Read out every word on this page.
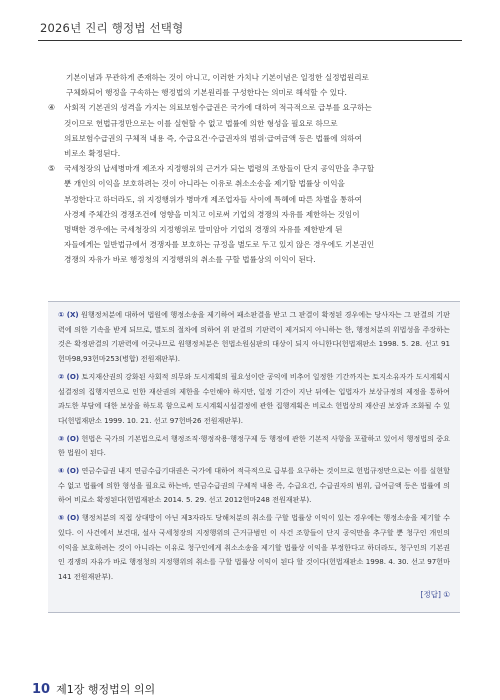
2026년 진리 행정법 선택형
기본이념과 무관하게 존재하는 것이 아니고, 이러한 가치나 기본이념은 일정한 실정법원리로
구체화되어 행정을 구속하는 행정법의 기본원리를 구성한다는 의미로 해석할 수 있다.
④	사회적 기본권의 성격을 가지는 의료보험수급권은 국가에 대하여 적극적으로 급부를 요구하는
것이므로 헌법규정만으로는 이를 실현할 수 없고 법률에 의한 형성을 필요로 하므로
의료보험수급권의 구체적 내용 즉, 수급요건·수급권자의 범위·급여금액 등은 법률에 의하여
비로소 확정된다.
⑤	국세청장의 납세병마개 제조자 지정행위의 근거가 되는 법령의 조항들이 단지 공익만을 추구할
뿐 개인의 이익을 보호하려는 것이 아니라는 이유로 취소소송을 제기할 법률상 이익을
부정한다고 하더라도, 위 지정행위가 병마개 제조업자들 사이에 특혜에 따른 차별을 통하여
사경제 주체간의 경쟁조건에 영향을 미치고 이로써 기업의 경쟁의 자유를 제한하는 것임이
명백한 경우에는 국세청장의 지정행위로 말미암아 기업의 경쟁의 자유를 제한받게 된
자들에게는 일반법규에서 경쟁자를 보호하는 규정을 별도로 두고 있지 않은 경우에도 기본권인
경쟁의 자유가 바로 행정청의 지정행위의 취소를 구할 법률상의 이익이 된다.
① (X) 원행정처분에 대하여 법원에 행정소송을 제기하여 패소판결을 받고 그 판결이 확정된 경우에는 당사자는 그 판결의 기판력에 의한 기속을 받게 되므로, 별도의 절차에 의하여 위 판결의 기판력이 제거되지 아니하는 한, 행정처분의 위법성을 주장하는 것은 확정판결의 기판력에 어긋나므로 원행정처분은 헌법소원심판의 대상이 되지 아니한다(헌법재판소 1998. 5. 28. 선고 91헌마98,93헌마253(병합) 전원재판부).
② (O) 토지재산권의 강화된 사회적 의무와 도시계획의 필요성이란 공익에 비추어 일정한 기간까지는 토지소유자가 도시계획시설결정의 집행지연으로 인한 재산권의 제한을 수인해야 하지만, 일정 기간이 지난 뒤에는 입법자가 보상규정의 제정을 통하여 과도한 부담에 대한 보상을 하도록 함으로써 도시계획시설결정에 관한 집행계획은 비로소 헌법상의 재산권 보장과 조화될 수 있다(헌법재판소 1999. 10. 21. 선고 97헌바26 전원재판부).
③ (O) 헌법은 국가의 기본법으로서 행정조직·행정작용·행정구제 등 행정에 관한 기본적 사항을 포괄하고 있어서 행정법의 중요한 법원이 된다.
④ (O) 연금수급권 내지 연금수급기대권은 국가에 대하여 적극적으로 급부를 요구하는 것이므로 헌법규정만으로는 이를 실현할 수 없고 법률에 의한 형성을 필요로 하는바, 연금수급권의 구체적 내용 즉, 수급요건, 수급권자의 범위, 급여금액 등은 법률에 의하여 비로소 확정된다(헌법재판소 2014. 5. 29. 선고 2012헌마248 전원재판부).
⑤ (O) 행정처분의 직접 상대방이 아닌 제3자라도 당해처분의 취소를 구할 법률상 이익이 있는 경우에는 행정소송을 제기할 수 있다. 이 사건에서 보건대, 설사 국세청장의 지정행위의 근거규범인 이 사건 조항들이 단지 공익만을 추구할 뿐 청구인 개인의 이익을 보호하려는 것이 아니라는 이유로 청구인에게 취소소송을 제기할 법률상 이익을 부정한다고 하더라도, 청구인의 기본권인 경쟁의 자유가 바로 행정청의 지정행위의 취소를 구할 법률상 이익이 된다 할 것이다(헌법재판소 1998. 4. 30. 선고 97헌마141 전원재판부).
[정답] ①
10 제1장 행정법의 의의
